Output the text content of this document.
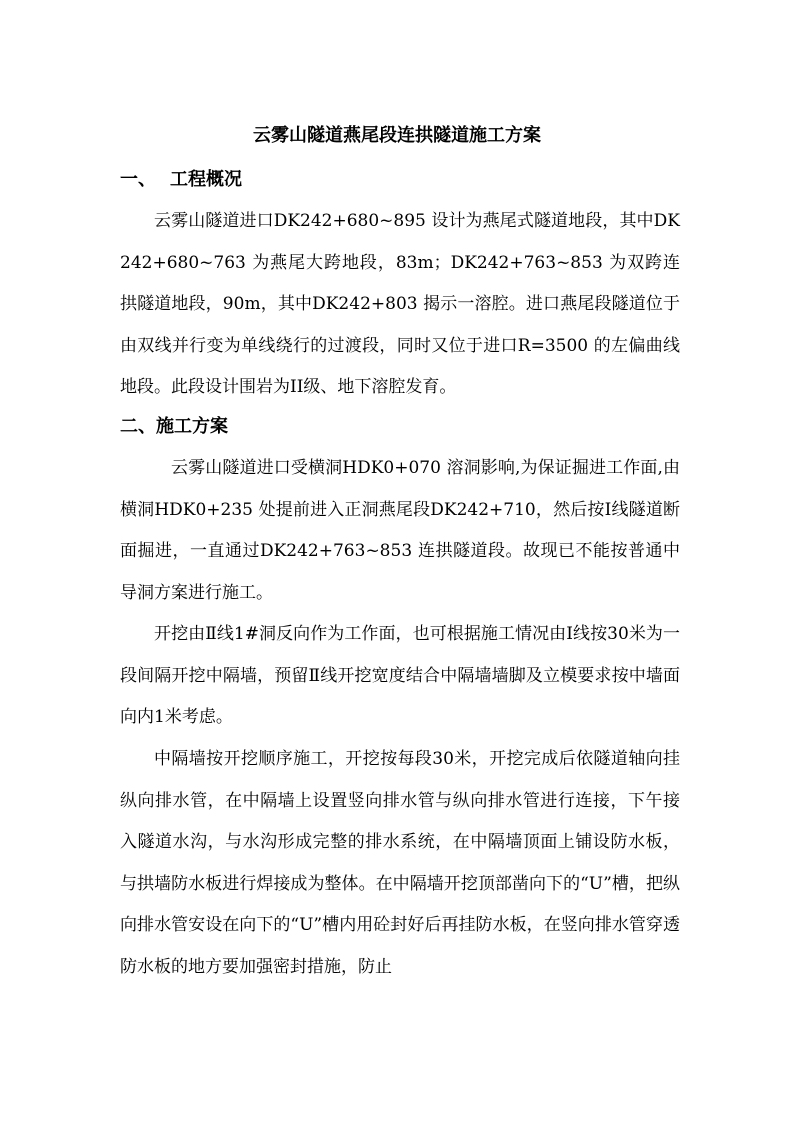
云雾山隧道燕尾段连拱隧道施工方案
一、 工程概况

云雾山隧道进口DK242+680~895 设计为燕尾式隧道地段，其中DK242+680~763 为燕尾大跨地段，83m；DK242+763~853 为双跨连拱隧道地段，90m，其中DK242+803 揭示一溶腔。进口燕尾段隧道位于由双线并行变为单线绕行的过渡段，同时又位于进口R=3500 的左偏曲线地段。此段设计围岩为II级、地下溶腔发育。

二、施工方案

云雾山隧道进口受横洞HDK0+070 溶洞影响,为保证掘进工作面,由横洞HDK0+235 处提前进入正洞燕尾段DK242+710，然后按Ⅰ线隧道断面掘进，一直通过DK242+763~853 连拱隧道段。故现已不能按普通中导洞方案进行施工。

开挖由Ⅱ线1#洞反向作为工作面，也可根据施工情况由Ⅰ线按30米为一段间隔开挖中隔墙，预留Ⅱ线开挖宽度结合中隔墙墙脚及立模要求按中墙面向内1米考虑。

中隔墙按开挖顺序施工，开挖按每段30米，开挖完成后依隧道轴向挂纵向排水管，在中隔墙上设置竖向排水管与纵向排水管进行连接，下午接入隧道水沟，与水沟形成完整的排水系统，在中隔墙顶面上铺设防水板，与拱墙防水板进行焊接成为整体。在中隔墙开挖顶部凿向下的“U”槽，把纵向排水管安设在向下的“U”槽内用砼封好后再挂防水板，在竖向排水管穿透防水板的地方要加强密封措施，防止
